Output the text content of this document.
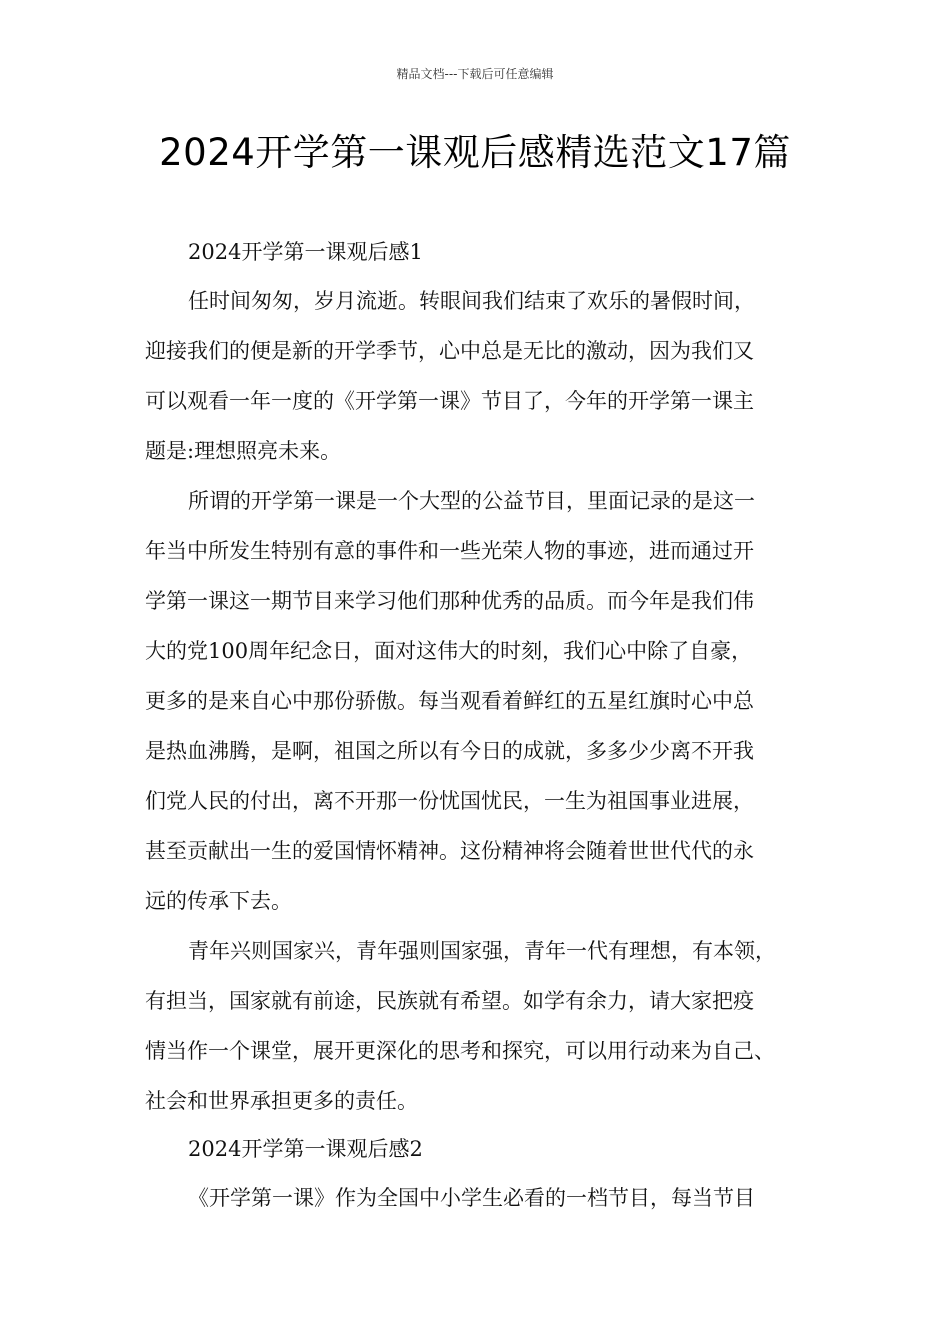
精品文档---下载后可任意编辑
2024开学第一课观后感精选范文17篇

2024开学第一课观后感1

任时间匆匆，岁月流逝。转眼间我们结束了欢乐的暑假时间，
迎接我们的便是新的开学季节，心中总是无比的激动，因为我们又
可以观看一年一度的《开学第一课》节目了，今年的开学第一课主
题是:理想照亮未来。

所谓的开学第一课是一个大型的公益节目，里面记录的是这一
年当中所发生特别有意的事件和一些光荣人物的事迹，进而通过开
学第一课这一期节目来学习他们那种优秀的品质。而今年是我们伟
大的党100周年纪念日，面对这伟大的时刻，我们心中除了自豪，
更多的是来自心中那份骄傲。每当观看着鲜红的五星红旗时心中总
是热血沸腾，是啊，祖国之所以有今日的成就，多多少少离不开我
们党人民的付出，离不开那一份忧国忧民，一生为祖国事业进展，
甚至贡献出一生的爱国情怀精神。这份精神将会随着世世代代的永
远的传承下去。

青年兴则国家兴，青年强则国家强，青年一代有理想，有本领，
有担当，国家就有前途，民族就有希望。如学有余力，请大家把疫
情当作一个课堂，展开更深化的思考和探究，可以用行动来为自己、
社会和世界承担更多的责任。

2024开学第一课观后感2

《开学第一课》作为全国中小学生必看的一档节目，每当节目
